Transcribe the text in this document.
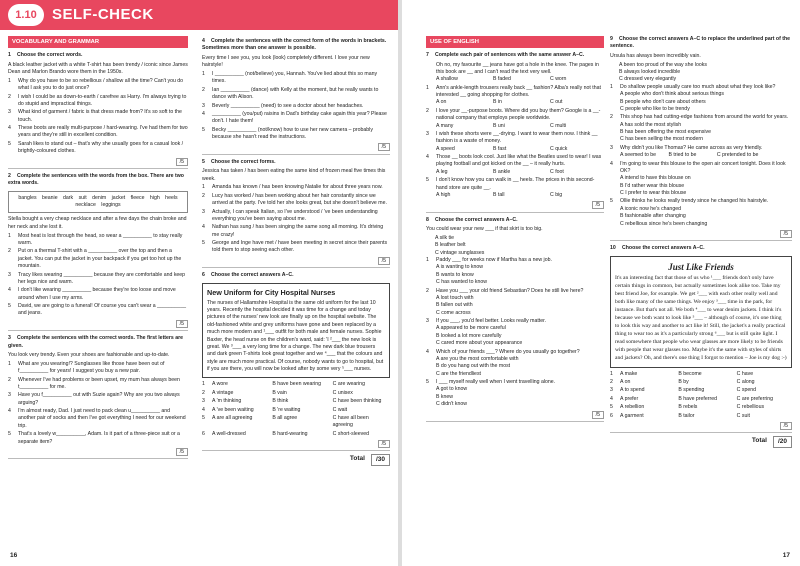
1.10	SELF-CHECK
VOCABULARY AND GRAMMAR
1 Choose the correct words.
A black leather jacket with a white T-shirt has been trendy / iconic since James Dean and Marlon Brando wore them in the 1950s.
1	Why do you have to be so rebellious / shallow all the time? Can't you do what I ask you to do just once?
2	I wish I could be as down-to-earth / carefree as Harry. I'm always trying to do stupid and impractical things.
3	What kind of garment / fabric is that dress made from? It's so soft to the touch.
4	These boots are really multi-purpose / hard-wearing. I've had them for two years and they're still in excellent condition.
5	Sarah likes to stand out – that's why she usually goes for a casual look / brightly-coloured clothes.
/5
2 Complete the sentences with the words from the box. There are two extra words.
bangles beanie dark suit denim jacket fleece high heels necklace leggings
Stella bought a very cheap necklace and after a few days the chain broke and her neck and she lost it.
1	Most heat is lost through the head, so wear a __________ to stay really warm.
2	Put on a thermal T-shirt with a __________ over the top and then a jacket. You can put the jacket in your backpack if you get too hot up the mountain.
3	Tracy likes wearing __________ because they are comfortable and keep her legs nice and warm.
4	I don't like wearing __________ because they're too loose and move around when I use my arms.
5	David, we are going to a funeral! Of course you can't wear a __________ and jeans.
/5
3 Complete the sentences with the correct words. The first letters are given.
You look very trendy. Even your shoes are fashionable and up-to-date.
1	What are you wearing!? Sunglasses like those have been out of f__________ for years! I suggest you buy a new pair.
2	Whenever I've had problems or been upset, my mum has always been t__________ for me.
3	Have you f__________ out with Suzie again? Why are you two always arguing?
4	I'm almost ready, Dad. I just need to pack clean u__________ and another pair of socks and then I've got everything I need for our weekend trip.
5	That's a lovely w__________, Adam. Is it part of a three-piece suit or a separate item?
/5
4 Complete the sentences with the correct form of the words in brackets. Sometimes more than one answer is possible.
Every time I see you, you look (look) completely different. I love your new hairstyle!
1	I __________ (not/believe) you, Hannah. You've lied about this so many times.
2	Ian __________ (dance) with Kelly at the moment, but he really wants to dance with Alison.
3	Beverly __________ (need) to see a doctor about her headaches.
4	__________ (you/put) raisins in Dad's birthday cake again this year? Please don't. I hate them!
5	Becky __________ (not/know) how to use her new camera – probably because she hasn't read the instructions.
/5
5 Choose the correct forms.
Jessica has taken / has been eating the same kind of frozen meal five times this week.
1	Amanda has known / has been knowing Natalie for about three years now.
2	Lucy has worked / has been working about her hair constantly since we arrived at the party. I've told her she looks great, but she doesn't believe me.
3	Actually, I can speak Italian, so I've understood / 've been understanding everything you've been saying about me.
4	Nathan has sung / has been singing the same song all morning. It's driving me crazy!
5	George and Inge have met / have been meeting in secret since their parents told them to stop seeing each other.
/5
6 Choose the correct answers A–C.
New Uniform for City Hospital Nurses
The nurses of Hallamshire Hospital is the same old uniform for the last 10 years. Recently the hospital decided it was time for a change and today pictures of the nurses' new look are finally up on the hospital website. The old-fashioned white and grey uniforms have gone and been replaced by a much more modern and ¹___ outfit for both male and female nurses. Sophie Baxter, the head nurse on the children's ward, said: 'I ²___ the new look is great. We ³___ a very long time for a change. The new dark blue trousers and dark green T-shirts look great together and we ⁴___ that the colours and style are much more practical. Of course, nobody wants to go to hospital, but if you are there, you will now be looked after by some very ⁵___ nurses.
1	A wore	B have been wearing	C are wearing
2	A vintage	B vain	C unisex
3	A 'm thinking	B think	C have been thinking
4	A 've been waiting	B 're waiting	C wait
5	A are all agreeing	B all agree	C have all been agreeing
6	A well-dressed	B hard-wearing	C short-sleeved
/5
Total	/30
16
USE OF ENGLISH
7 Complete each pair of sentences with the same answer A–C.
Oh no, my favourite __ jeans have got a hole in the knee. The pages in this book are __ and I can't read the text very well.
A shallow	B faded	C worn
1	Ann's ankle-length trousers really back __ fashion? Alba's really not that interested __ going shopping for clothes.
A on	B in	C out
2	I love your __-purpose boots. Where did you buy them? Google is a __-national company that employs people worldwide.
A many	B uni	C multi
3	I wish these shorts were __-drying. I want to wear them now. I think __ fashion is a waste of money.
A speed	B fast	C quick
4	Those __ boots look cool. Just like what the Beatles used to wear! I was playing football and got kicked on the __ – it really hurts.
A leg	B ankle	C foot
5	I don't know how you can walk in __ heels. The prices in this second-hand store are quite __.
A high	B tall	C big
/5
8 Choose the correct answers A–C.
You could wear your new ___ if that skirt is too big.
A silk tie
B leather belt
C vintage sunglasses
1	Paddy ___ for weeks now if Martha has a new job.
A is wanting to know
B wants to know
C has wanted to know
2	Have you ___ your old friend Sebastian? Does he still live here?
A lost touch with
B fallen out with
C come across
3	If you ___, you'd feel better. Looks really matter.
A appeared to be more careful
B looked a lot more carefully
C cared more about your appearance
4	Which of your friends ___? Where do you usually go together?
A are you the most comfortable with
B do you hang out with the most
C are the friendliest
5	I ___ myself really well when I went travelling alone.
A got to know
B knew
C didn't know
/5
9 Choose the correct answers A–C to replace the underlined part of the sentence.
Ursula has always been incredibly vain.
A been too proud of the way she looks
B always looked incredible
C dressed very elegantly
1	Do shallow people usually care too much about what they look like?
A people who don't think about serious things
B people who don't care about others
C people who like to be trendy
2	This shop has had cutting-edge fashions from around the world for years.
A has sold the most stylish
B has been offering the most expensive
C has been selling the most modern
3	Why didn't you like Thomas? He came across as very friendly.
A seemed to be	B tried to be	C pretended to be
4	I'm going to wear this blouse to the open air concert tonight. Does it look OK?
A intend to have this blouse on
B I'd rather wear this blouse
C I prefer to wear this blouse
5	Ollie thinks he looks really trendy since he changed his hairstyle.
A iconic now he's changed
B fashionable after changing
C rebellious since he's been changing
/5
10 Choose the correct answers A–C.
Just Like Friends
It's an interesting fact that those of us who ¹___ friends don't only have certain things in common, but actually sometimes look alike too. Take my best friend Joe, for example. We get ²___ with each other really well and both like many of the same things. We enjoy ³___ time in the park, for instance. But that's not all. We both ⁴___ to wear denim jackets. I think it's because we both want to look like ⁵___ – although of course, it's one thing to look this way and another to act like it! Still, the jacket's a really practical thing to wear too as it's a particularly strong ⁶___ but is still quite light. I read somewhere that people who wear glasses are more likely to be friends with people that wear glasses too. Maybe it's the same with styles of shirts and jackets? Oh, and there's one thing I forgot to mention – Joe is my dog :-)
1	A make	B become	C have
2	A on	B by	C along
3	A to spend	B spending	C spend
4	A prefer	B have preferred	C are preferring
5	A rebellion	B rebels	C rebellious
6	A garment	B tailor	C suit
/5
Total	/20
17
